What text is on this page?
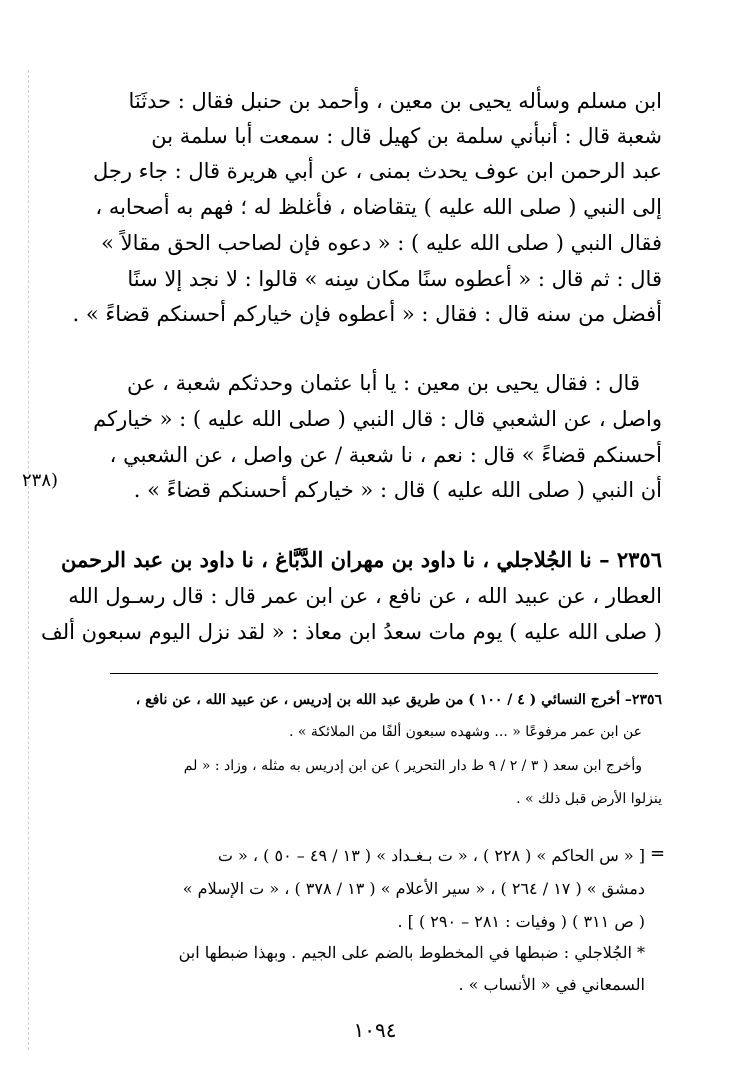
ابن مسلم وسأله يحيى بن معين ، وأحمد بن حنبل فقال : حدثَنَا
شعبة قال : أنبأني سلمة بن كهيل قال : سمعت أبا سلمة بن
عبد الرحمن ابن عوف يحدث بمنى ، عن أبي هريرة قال : جاء رجل
إلى النبي ( صلى الله عليه ) يتقاضاه ، فأغلظ له ؛ فهم به أصحابه ،
فقال النبي ( صلى الله عليه ) : « دعوه فإن لصاحب الحق مقالاً »
قال : ثم قال : « أعطوه سنًا مكان سِنه » قالوا : لا نجد إلا سنًا
أفضل من سنه قال : فقال : « أعطوه فإن خياركم أحسنكم قضاءً » .
قال : فقال يحيى بن معين : يا أبا عثمان وحدثكم شعبة ، عن
واصل ، عن الشعبي قال : قال النبي ( صلى الله عليه ) : « خياركم
أحسنكم قضاءً » قال : نعم ، نا شعبة / عن واصل ، عن الشعبي ،
أن النبي ( صلى الله عليه ) قال : « خياركم أحسنكم قضاءً » .
٢٣٥٦ – نا الجُلاجلي ، نا داود بن مهران الدَّبَّاغ ، نا داود بن عبد الرحمن
العطار ، عن عبيد الله ، عن نافع ، عن ابن عمر قال : قال رسـول الله
( صلى الله عليه ) يوم مات سعدُ ابن معاذ : « لقد نزل اليوم سبعون ألف
(٢٣٨
٢٣٥٦– أخرج النسائي ( ٤ / ١٠٠ ) من طريق عبد الله بن إدريس ، عن عبيد الله ، عن نافع ،
عن ابن عمر مرفوعًا « ... وشهده سبعون ألفًا من الملائكة » .
وأخرج ابن سعد ( ٣ / ٢ / ٩ ط دار التحرير ) عن ابن إدريس به مثله ، وزاد : « لم
ينزلوا الأرض قبل ذلك » .
=
[ « س الحاكم » ( ٢٢٨ ) ، « ت بـغـداد » ( ١٣ / ٤٩ – ٥٠ ) ، « ت
دمشق » ( ١٧ / ٢٦٤ ) ، « سير الأعلام » ( ١٣ / ٣٧٨ ) ، « ت الإسلام »
( ص ٣١١ ) ( وفيات : ٢٨١ – ٢٩٠ ) ] .
* الجُلاجلي : ضبطها في المخطوط بالضم على الجيم . وبهذا ضبطها ابن
السمعاني في « الأنساب » .
١٠٩٤
